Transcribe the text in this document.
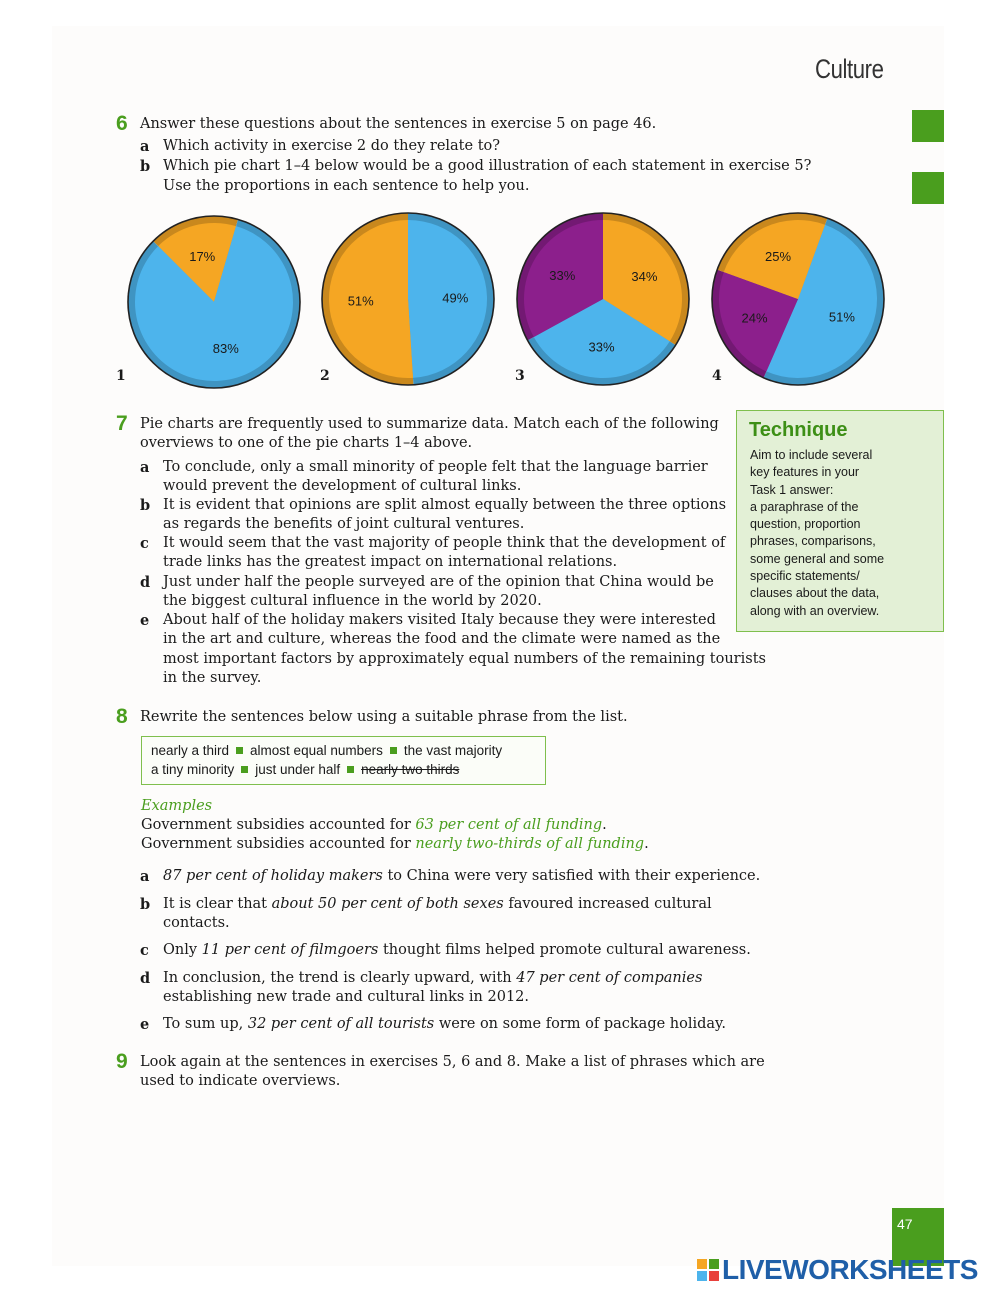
Culture
6 Answer these questions about the sentences in exercise 5 on page 46.
a Which activity in exercise 2 do they relate to?
b Which pie chart 1–4 below would be a good illustration of each statement in exercise 5?
Use the proportions in each sentence to help you.
17%
83%
49%
51%
34%
33%
33%
51%
24%
25%
1	2	3	4
7 Pie charts are frequently used to summarize data. Match each of the following
overviews to one of the pie charts 1–4 above.
a To conclude, only a small minority of people felt that the language barrier
would prevent the development of cultural links.
b It is evident that opinions are split almost equally between the three options
as regards the benefits of joint cultural ventures.
c It would seem that the vast majority of people think that the development of
trade links has the greatest impact on international relations.
d Just under half the people surveyed are of the opinion that China would be
the biggest cultural influence in the world by 2020.
e About half of the holiday makers visited Italy because they were interested
in the art and culture, whereas the food and the climate were named as the
most important factors by approximately equal numbers of the remaining tourists
in the survey.
Technique
Aim to include several
key features in your
Task 1 answer:
a paraphrase of the
question, proportion
phrases, comparisons,
some general and some
specific statements/
clauses about the data,
along with an overview.
8 Rewrite the sentences below using a suitable phrase from the list.
nearly a third almost equal numbers the vast majority
a tiny minority just under half nearly two thirds
Examples
Government subsidies accounted for 63 per cent of all funding.
Government subsidies accounted for nearly two-thirds of all funding.
a 87 per cent of holiday makers to China were very satisfied with their experience.
b It is clear that about 50 per cent of both sexes favoured increased cultural
contacts.
c Only 11 per cent of filmgoers thought films helped promote cultural awareness.
d In conclusion, the trend is clearly upward, with 47 per cent of companies
establishing new trade and cultural links in 2012.
e To sum up, 32 per cent of all tourists were on some form of package holiday.
9 Look again at the sentences in exercises 5, 6 and 8. Make a list of phrases which are
used to indicate overviews.
47
LIVEWORKSHEETS
